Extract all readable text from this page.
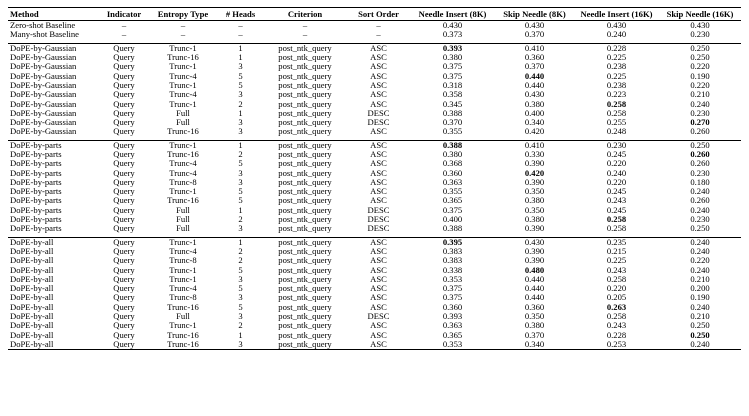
Method	Indicator	Entropy Type	# Heads	Criterion	Sort Order	Needle Insert (8K)	Skip Needle (8K)	Needle Insert (16K)	Skip Needle (16K)
Zero-shot Baseline	–	–	–	–	–	0.430	0.430	0.430	0.430
Many-shot Baseline	–	–	–	–	–	0.373	0.370	0.240	0.230

DoPE-by-Gaussian	Query	Trunc-1	1	post_ntk_query	ASC	0.393	0.410	0.228	0.250
DoPE-by-Gaussian	Query	Trunc-16	1	post_ntk_query	ASC	0.380	0.360	0.225	0.250
DoPE-by-Gaussian	Query	Trunc-1	3	post_ntk_query	ASC	0.375	0.370	0.238	0.220
DoPE-by-Gaussian	Query	Trunc-4	5	post_ntk_query	ASC	0.375	0.440	0.225	0.190
DoPE-by-Gaussian	Query	Trunc-1	5	post_ntk_query	ASC	0.318	0.440	0.238	0.220
DoPE-by-Gaussian	Query	Trunc-4	3	post_ntk_query	ASC	0.358	0.430	0.223	0.210
DoPE-by-Gaussian	Query	Trunc-1	2	post_ntk_query	ASC	0.345	0.380	0.258	0.240
DoPE-by-Gaussian	Query	Full	1	post_ntk_query	DESC	0.388	0.400	0.258	0.230
DoPE-by-Gaussian	Query	Full	3	post_ntk_query	DESC	0.370	0.340	0.255	0.270
DoPE-by-Gaussian	Query	Trunc-16	3	post_ntk_query	ASC	0.355	0.420	0.248	0.260

DoPE-by-parts	Query	Trunc-1	1	post_ntk_query	ASC	0.388	0.410	0.230	0.250
DoPE-by-parts	Query	Trunc-16	2	post_ntk_query	ASC	0.380	0.330	0.245	0.260
DoPE-by-parts	Query	Trunc-4	5	post_ntk_query	ASC	0.368	0.390	0.220	0.260
DoPE-by-parts	Query	Trunc-4	3	post_ntk_query	ASC	0.360	0.420	0.240	0.230
DoPE-by-parts	Query	Trunc-8	3	post_ntk_query	ASC	0.363	0.390	0.220	0.180
DoPE-by-parts	Query	Trunc-1	5	post_ntk_query	ASC	0.355	0.350	0.245	0.240
DoPE-by-parts	Query	Trunc-16	5	post_ntk_query	ASC	0.365	0.380	0.243	0.260
DoPE-by-parts	Query	Full	1	post_ntk_query	DESC	0.375	0.350	0.245	0.240
DoPE-by-parts	Query	Full	2	post_ntk_query	DESC	0.400	0.380	0.258	0.230
DoPE-by-parts	Query	Full	3	post_ntk_query	DESC	0.388	0.390	0.258	0.250

DoPE-by-all	Query	Trunc-1	1	post_ntk_query	ASC	0.395	0.430	0.235	0.240
DoPE-by-all	Query	Trunc-4	2	post_ntk_query	ASC	0.383	0.390	0.215	0.240
DoPE-by-all	Query	Trunc-8	2	post_ntk_query	ASC	0.383	0.390	0.225	0.220
DoPE-by-all	Query	Trunc-1	5	post_ntk_query	ASC	0.338	0.480	0.243	0.240
DoPE-by-all	Query	Trunc-1	3	post_ntk_query	ASC	0.353	0.440	0.258	0.210
DoPE-by-all	Query	Trunc-4	5	post_ntk_query	ASC	0.375	0.440	0.220	0.200
DoPE-by-all	Query	Trunc-8	3	post_ntk_query	ASC	0.375	0.440	0.205	0.190
DoPE-by-all	Query	Trunc-16	5	post_ntk_query	ASC	0.360	0.360	0.263	0.240
DoPE-by-all	Query	Full	3	post_ntk_query	DESC	0.393	0.350	0.258	0.210
DoPE-by-all	Query	Trunc-1	2	post_ntk_query	ASC	0.363	0.380	0.243	0.250
DoPE-by-all	Query	Trunc-16	1	post_ntk_query	ASC	0.365	0.370	0.228	0.250
DoPE-by-all	Query	Trunc-16	3	post_ntk_query	ASC	0.353	0.340	0.253	0.240
